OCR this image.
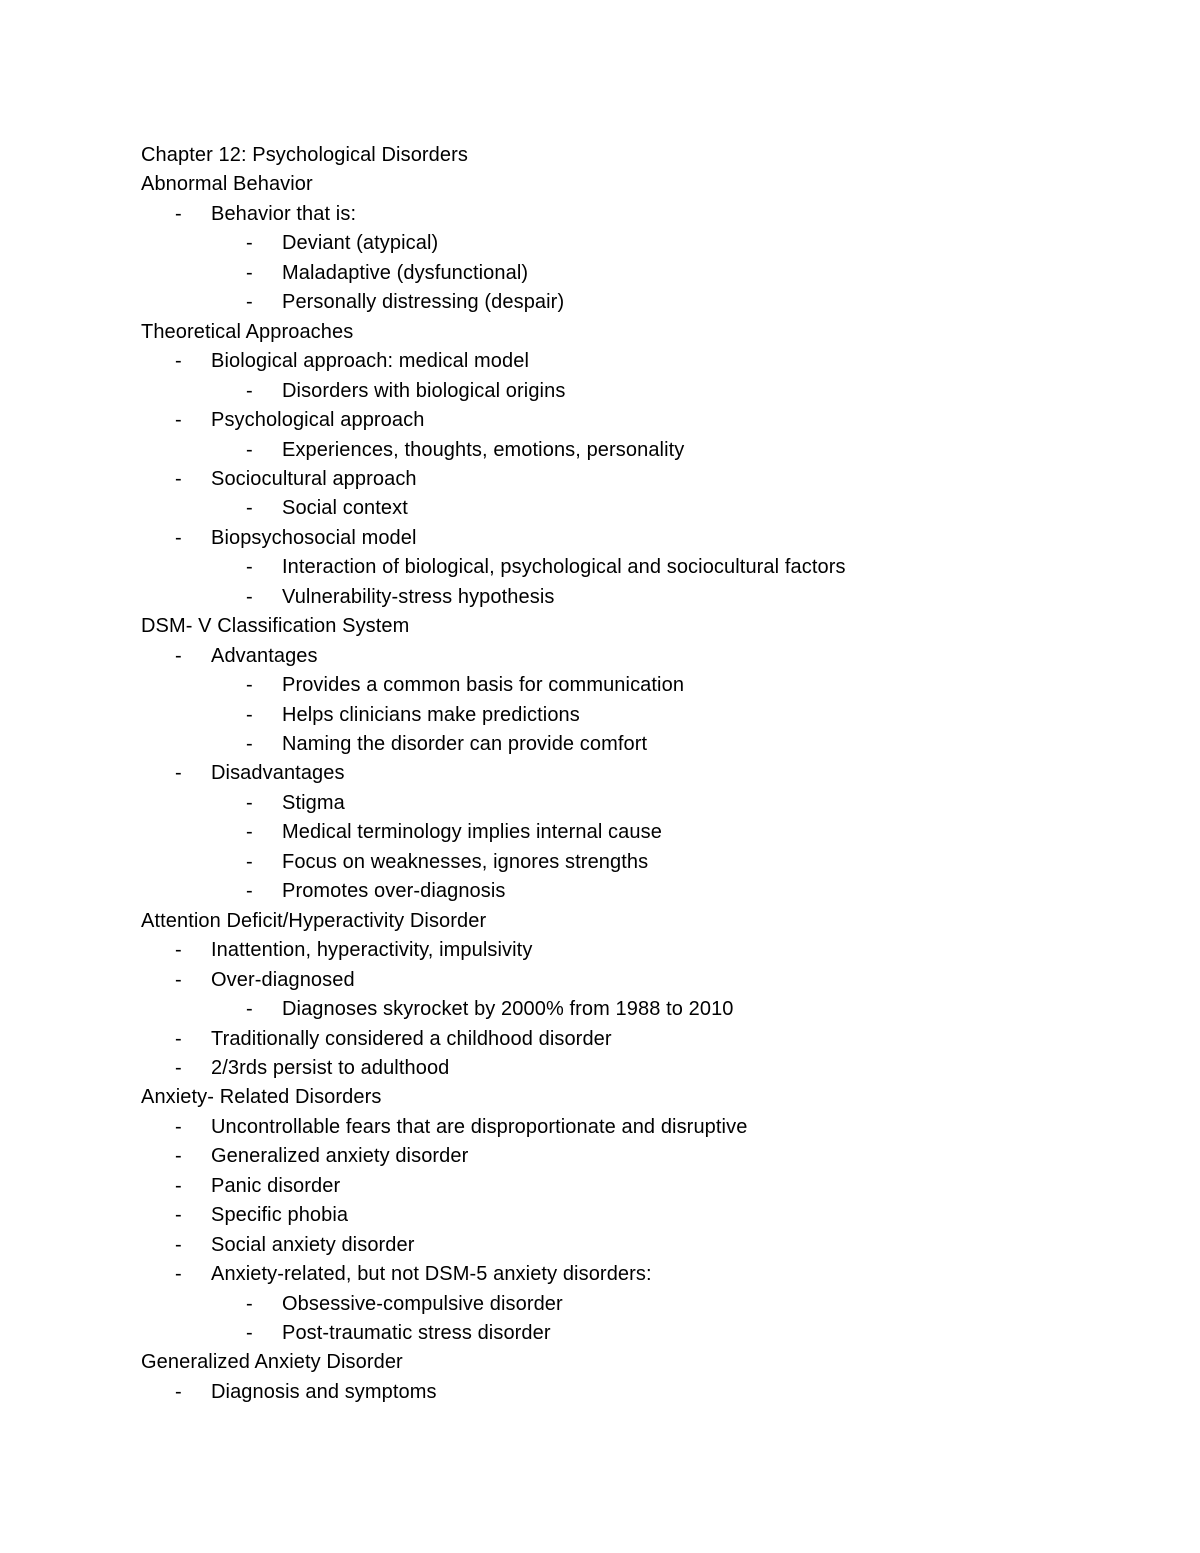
Chapter 12: Psychological Disorders
Abnormal Behavior
- Behavior that is:
- Deviant (atypical)
- Maladaptive (dysfunctional)
- Personally distressing (despair)
Theoretical Approaches
- Biological approach: medical model
- Disorders with biological origins
- Psychological approach
- Experiences, thoughts, emotions, personality
- Sociocultural approach
- Social context
- Biopsychosocial model
- Interaction of biological, psychological and sociocultural factors
- Vulnerability-stress hypothesis
DSM- V Classification System
- Advantages
- Provides a common basis for communication
- Helps clinicians make predictions
- Naming the disorder can provide comfort
- Disadvantages
- Stigma
- Medical terminology implies internal cause
- Focus on weaknesses, ignores strengths
- Promotes over-diagnosis
Attention Deficit/Hyperactivity Disorder
- Inattention, hyperactivity, impulsivity
- Over-diagnosed
- Diagnoses skyrocket by 2000% from 1988 to 2010
- Traditionally considered a childhood disorder
- 2/3rds persist to adulthood
Anxiety- Related Disorders
- Uncontrollable fears that are disproportionate and disruptive
- Generalized anxiety disorder
- Panic disorder
- Specific phobia
- Social anxiety disorder
- Anxiety-related, but not DSM-5 anxiety disorders:
- Obsessive-compulsive disorder
- Post-traumatic stress disorder
Generalized Anxiety Disorder
- Diagnosis and symptoms
